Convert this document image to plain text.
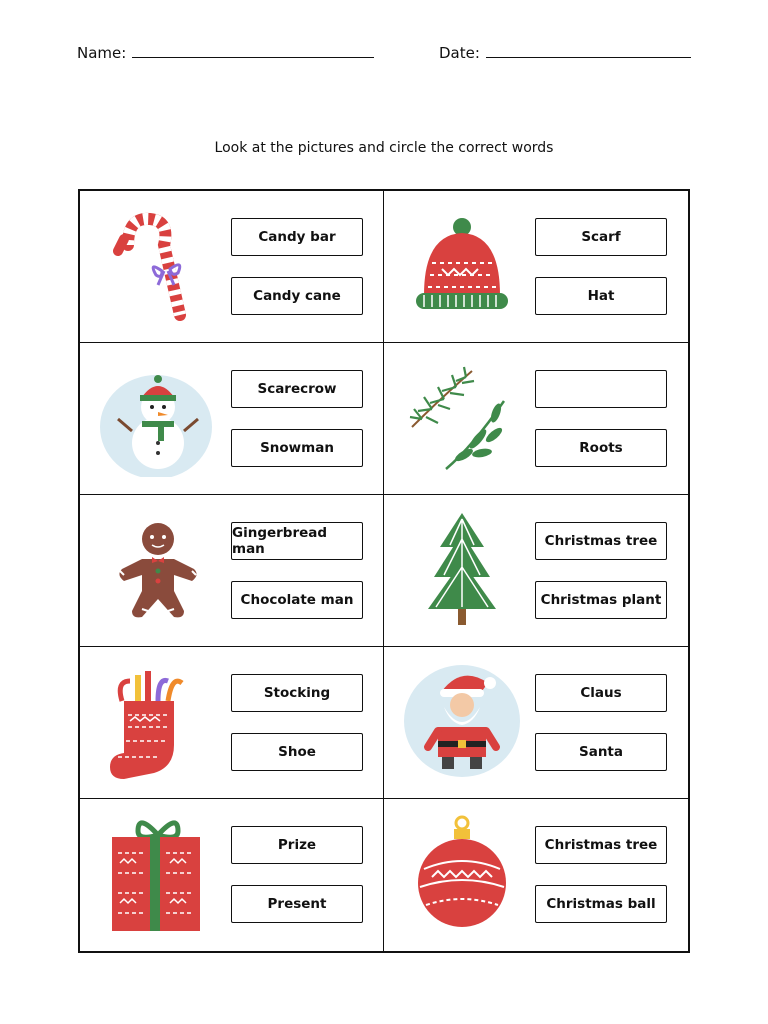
Name:	Date:
Look at the pictures and circle the correct words
Candy bar
Candy cane
Scarf
Hat
Scarecrow
Snowman	Roots
Gingerbread man
Chocolate man
Christmas tree
Christmas plant
Stocking
Shoe
Claus
Santa
Prize
Present
Christmas tree
Christmas ball
